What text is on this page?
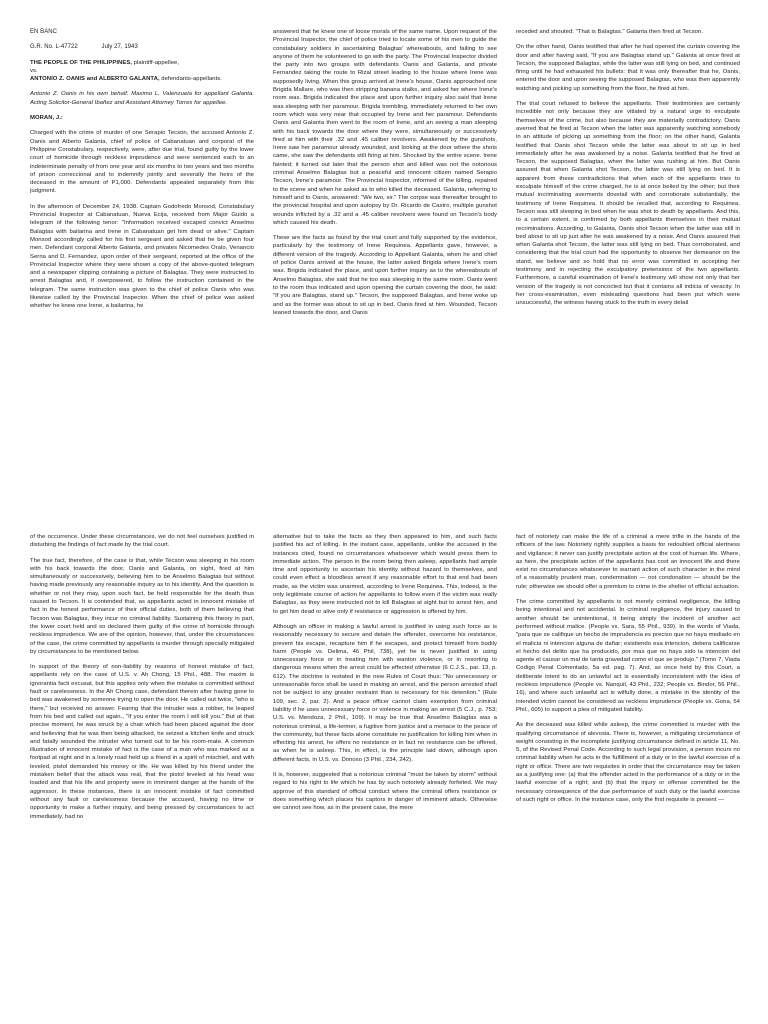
EN BANC

G.R. No. L-47722	July 27, 1943

THE PEOPLE OF THE PHILIPPINES, plaintiff-appellee,
vs.
ANTONIO Z. OANIS and ALBERTO GALANTA, defendants-appellants.

Antonio Z. Oanis in his own behalf. Maximo L. Valenzuela for appellant Galanta. Acting Solicitor-General Ibañez and Assistant Attorney Torres for appellee.

MORAN, J.:

Charged with the crime of murder of one Serapio Tecson, the accused Antonio Z. Oanis and Alberto Galanta, chief of police of Cabanatuan and corporal of the Philippine Constabulary, respectively, were, after due trial, found guilty by the lower court of homicide through reckless imprudence and were sentenced each to an indeterminate penalty of from one year and six months to two years and two months of prison correccional and to indemnify jointly and severally the heirs of the deceased in the amount of P1,000. Defendants appealed separately from this judgment.

In the afternoon of December 24, 1938. Captain Godofredo Monsod, Constabulary Provincial Inspector at Cabanatuan, Nueva Ecija, received from Major Guido a telegram of the following tenor: "Information received escaped convict Anselmo Balagtas with bailarina and Irene in Cabanatuan get him dead or alive." Captain Monsod accordingly called for his first sergeant and asked that he be given four men. Defendant corporal Alberto Galanta, and privates Nicomedes Oralo, Venancio Serna and D. Fernandez, upon order of their sergeant, reported at the office of the Provincial Inspector where they were shown a copy of the above-quoted telegram and a newspaper clipping containing a picture of Balagtas. They were instructed to arrest Balagtas and, if overpowered, to follow the instruction contained in the telegram. The same instruction was given to the chief of police Oanis who was likewise called by the Provincial Inspector. When the chief of police was asked whether he knew one Irene, a bailarina, he

answered that he knew one of loose morals of the same name. Upon request of the Provincial Inspector, the chief of police tried to locate some of his men to guide the constabulary soldiers in ascertaining Balagtas' whereabouts, and failing to see anyone of them he volunteered to go with the party. The Provincial Inspector divided the party into two groups with defendants Oanis and Galanta, and private Fernandez taking the route to Rizal street leading to the house where Irene was supposedly living. When this group arrived at Irene's house, Oanis approached one Brigida Mallare, who was then stripping banana stalks, and asked her where Irene's room was. Brigida indicated the place and upon further inquiry also said that Irene was sleeping with her paramour. Brigida trembling, immediately returned to her own room which was very near that occupied by Irene and her paramour. Defendants Oanis and Galanta then went to the room of Irene, and an seeing a man sleeping with his back towards the door where they were, simultaneously or successively fired at him with their .32 and .45 caliber revolvers. Awakened by the gunshots, Irene saw her paramour already wounded, and looking at the door where the shots came, she saw the defendants still firing at him. Shocked by the entire scene. Irene fainted; it turned out later that the person shot and killed was not the notorious criminal Anselmo Balagtas but a peaceful and innocent citizen named Serapio Tecson, Irene's paramour. The Provincial Inspector, informed of the killing, repaired to the scene and when he asked as to who killed the deceased. Galanta, referring to himself and to Oanis, answered: "We two, sir." The corpse was thereafter brought to the provincial hospital and upon autopsy by Dr. Ricardo de Castro, multiple gunshot wounds inflicted by a .32 and a .45 caliber revolvers were found on Tecson's body which caused his death.

These are the facts as found by the trial court and fully supported by the evidence, particularly by the testimony of Irene Requinea. Appellants gave, however, a different version of the tragedy. According to Appellant Galanta, when he and chief of police Oanis arrived at the house, the latter asked Brigida where Irene's room was. Brigida indicated the place, and upon further inquiry as to the whereabouts of Anselmo Balagtas, she said that he too was sleeping in the same room. Oanis went to the room thus indicated and upon opening the curtain covering the door, he said: "If you are Balagtas, stand up." Tecson, the supposed Balagtas, and Irene woke up and as the former was about to sit up in bed. Oanis fired at him. Wounded, Tecson leaned towards the door, and Oanis

receded and shouted: "That is Balagtas." Galanta then fired at Tecson.

On the other hand, Oanis testified that after he had opened the curtain covering the door and after having said, "If you are Balagtas stand up." Galanta at once fired at Tecson, the supposed Balagtas, while the latter was still lying on bed, and continued firing until he had exhausted his bullets: that it was only thereafter that he, Oanis, entered the door and upon seeing the supposed Balagtas, who was then apparently watching and picking up something from the floor, he fired at him.

The trial court refused to believe the appellants. Their testimonies are certainly incredible not only because they are vitiated by a natural urge to exculpate themselves of the crime, but also because they are materially contradictory. Oanis averred that he fired at Tecson when the latter was apparently watching somebody in an attitude of picking up something from the floor; on the other hand, Galanta testified that Oanis shot Tecson while the latter was about to sit up in bed immediately after he was awakened by a noise. Galanta testified that he fired at Tecson, the supposed Balagtas, when the latter was rushing at him. But Oanis assured that when Galanta shot Tecson, the latter was still lying on bed. It is apparent from these contradictions that when each of the appellants tries to exculpate himself of the crime charged, he is at once belied by the other; but their mutual incriminating averments dovetail with and corroborate substantially, the testimony of Irene Requinea. It should be recalled that, according to Requinea, Tecson was still sleeping in bed when he was shot to death by appellants. And this, to a certain extent, is confirmed by both appellants themselves in their mutual recriminations. According, to Galanta, Oanis shot Tecson when the latter was still in bed about to sit up just after he was awakened by a noise. And Oanis assured that when Galanta shot Tecson, the latter was still lying on bed. Thus corroborated, and considering that the trial court had the opportunity to observe her demeanor on the stand, we believe and so hold that no error was committed in accepting her testimony and in rejecting the exculpatory pretensions of the two appellants. Furthermore, a careful examination of Irene's testimony will show not only that her version of the tragedy is not concocted but that it contains all indicia of veracity. In her cross-examination, even misleading questions had been put which were unsuccessful, the witness having stuck to the truth in every detail

of the occurrence. Under these circumstances, we do not feel ourselves justified in disturbing the findings of fact made by the trial court.

The true fact, therefore, of the case is that, while Tecson was sleeping in his room with his back towards the door, Oanis and Galanta, on sight, fired at him simultaneously or successively, believing him to be Anselmo Balagtas but without having made previously any reasonable inquiry as to his identity. And the question is whether or not they may, upon such fact, be held responsible for the death thus caused to Tecson. It is contended that, as appellants acted in innocent mistake of fact in the honest performance of their official duties, both of them believing that Tecson was Balagtas, they incur no criminal liability. Sustaining this theory in part, the lower court held and so declared them guilty of the crime of homicide through reckless imprudence. We are of the opinion, however, that, under the circumstances of the case, the crime committed by appellants is murder through specially mitigated by circumstances to be mentioned below.

In support of the theory of non-liability by reasons of honest mistake of fact, appellants rely on the case of U.S. v. Ah Chong, 15 Phil., 488. The maxim is ignorantia facti excusat, but this applies only when the mistake is committed without fault or carelessness. In the Ah Chong case, defendant therein after having gone to bed was awakened by someone trying to open the door. He called out twice, "who is there," but received no answer. Fearing that the intruder was a robber, he leaped from his bed and called out again., "If you enter the room I will kill you." But at that precise moment, he was struck by a chair which had been placed against the door and believing that he was then being attacked, he seized a kitchen knife and struck and fatally wounded the intruder who turned out to be his room-mate. A common illustration of innocent mistake of fact is the case of a man who was marked as a footpad at night and in a lonely road held up a friend in a spirit of mischief, and with leveled, pistol demanded his money or life. He was killed by his friend under the mistaken belief that the attack was real, that the pistol leveled at his head was loaded and that his life and property were in imminent danger at the hands of the aggressor. In these instances, there is an innocent mistake of fact committed without any fault or carelessness because the accused, having no time or opportunity to make a further inquiry, and being pressed by circumstances to act immediately, had no

alternative but to take the facts as they then appeared to him, and such facts justified his act of killing. In the instant case, appellants, unlike the accused in the instances cited, found no circumstances whatsoever which would press them to immediate action. The person in the room being then asleep, appellants had ample time and opportunity to ascertain his identity without hazard to themselves, and could even effect a bloodless arrest if any reasonable effort to that end had been made, as the victim was unarmed, according to Irene Requinea. This, indeed, is the only legitimate course of action for appellants to follow even if the victim was really Balagtas, as they were instructed not to kill Balagtas at sight but to arrest him, and to get him dead or alive only if resistance or aggression is offered by him.

Although an officer in making a lawful arrest is justified in using such force as is reasonably necessary to secure and detain the offender, overcome his resistance, prevent his escape, recapture him if he escapes, and protect himself from bodily harm (People vs. Delima, 46 Phil, 738), yet he is never justified in using unnecessary force or in treating him with wanton violence, or in resorting to dangerous means when the arrest could be effected otherwise (6 C.J.S., par. 13, p. 612). The doctrine is restated in the new Rules of Court thus: "No unnecessary or unreasonable force shall be used in making an arrest, and the person arrested shall not be subject to any greater restraint than is necessary for his detention." (Rule 109, sec. 2, par. 2). And a peace officer cannot claim exemption from criminal liability if he uses unnecessary force or violence in making an arrest (5 C.J., p. 753; U.S. vs. Mendoza, 2 Phil., 109). It may be true that Anselmo Balagtas was a notorious criminal, a life-termer, a fugitive from justice and a menace to the peace of the community, but these facts alone constitute no justification for killing him when in effecting his arrest, he offers no resistance or in fact no resistance can be offered, as when he is asleep. This, in effect, is the principle laid down, although upon different facts, in U.S. vs. Donoso (3 Phil., 234, 242).

It is, however, suggested that a notorious criminal "must be taken by storm" without regard to his right to life which he has by such notoriety already forfeited. We may approve of this standard of official conduct where the criminal offers resistance or does something which places his captors in danger of imminent attack. Otherwise we cannot see how, as in the present case, the mere

fact of notoriety can make the life of a criminal a mere trifle in the hands of the officers of the law. Notoriety rightly supplies a basis for redoubled official alertness and vigilance; it never can justify precipitate action at the cost of human life. Where, as here, the precipitate action of the appellants has cost an innocent life and there exist no circumstances whatsoever to warrant action of such character in the mind of a reasonably prudent man, condemnation — not condonation — should be the rule; otherwise we should offer a premium to crime in the shelter of official actuation.

The crime committed by appellants is not merely criminal negligence, the killing being intentional and not accidental. In criminal negligence, the injury caused to another should be unintentional, it being simply the incident of another act performed without malice. (People vs. Sara, 55 Phil., 939). In the words of Viada, "para que se califique un hecho de imprudencia es preciso que no haya mediado en el malicia ni intencion alguna de dañar; existiendo esa intencion, debera calificarse el hecho del delito que ha producido, por mas que no haya sido la intencion del agente el causar un mal de tanta gravedad como el que se produjo." (Tomo 7, Viada Codigo Penal Comentado, 5a ed. pag. 7). And, as once held by this Court, a deliberate intent to do an unlawful act is essentially inconsistent with the idea of reckless imprudence (People vs. Nanquil, 43 Phil., 232; People vs. Bindor, 56 Phil., 16), and where such unlawful act is wilfully done, a mistake in the identity of the intended victim cannot be considered as reckless imprudence (People vs. Gona, 54 Phil., 605) to support a plea of mitigated liability.

As the deceased was killed while asleep, the crime committed is murder with the qualifying circumstance of alevosia. There is, however, a mitigating circumstance of weight consisting in the incomplete justifying circumstance defined in article 11, No. 5, of the Revised Penal Code. According to such legal provision, a person incurs no criminal liability when he acts in the fulfillment of a duty or in the lawful exercise of a right or office. There are two requisites in order that the circumstance may be taken as a justifying one: (a) that the offender acted in the performance of a duty or in the lawful exercise of a right; and (b) that the injury or offense committed be the necessary consequence of the due performance of such duty or the lawful exercise of such right or office. In the instance case, only the first requisite is present —
